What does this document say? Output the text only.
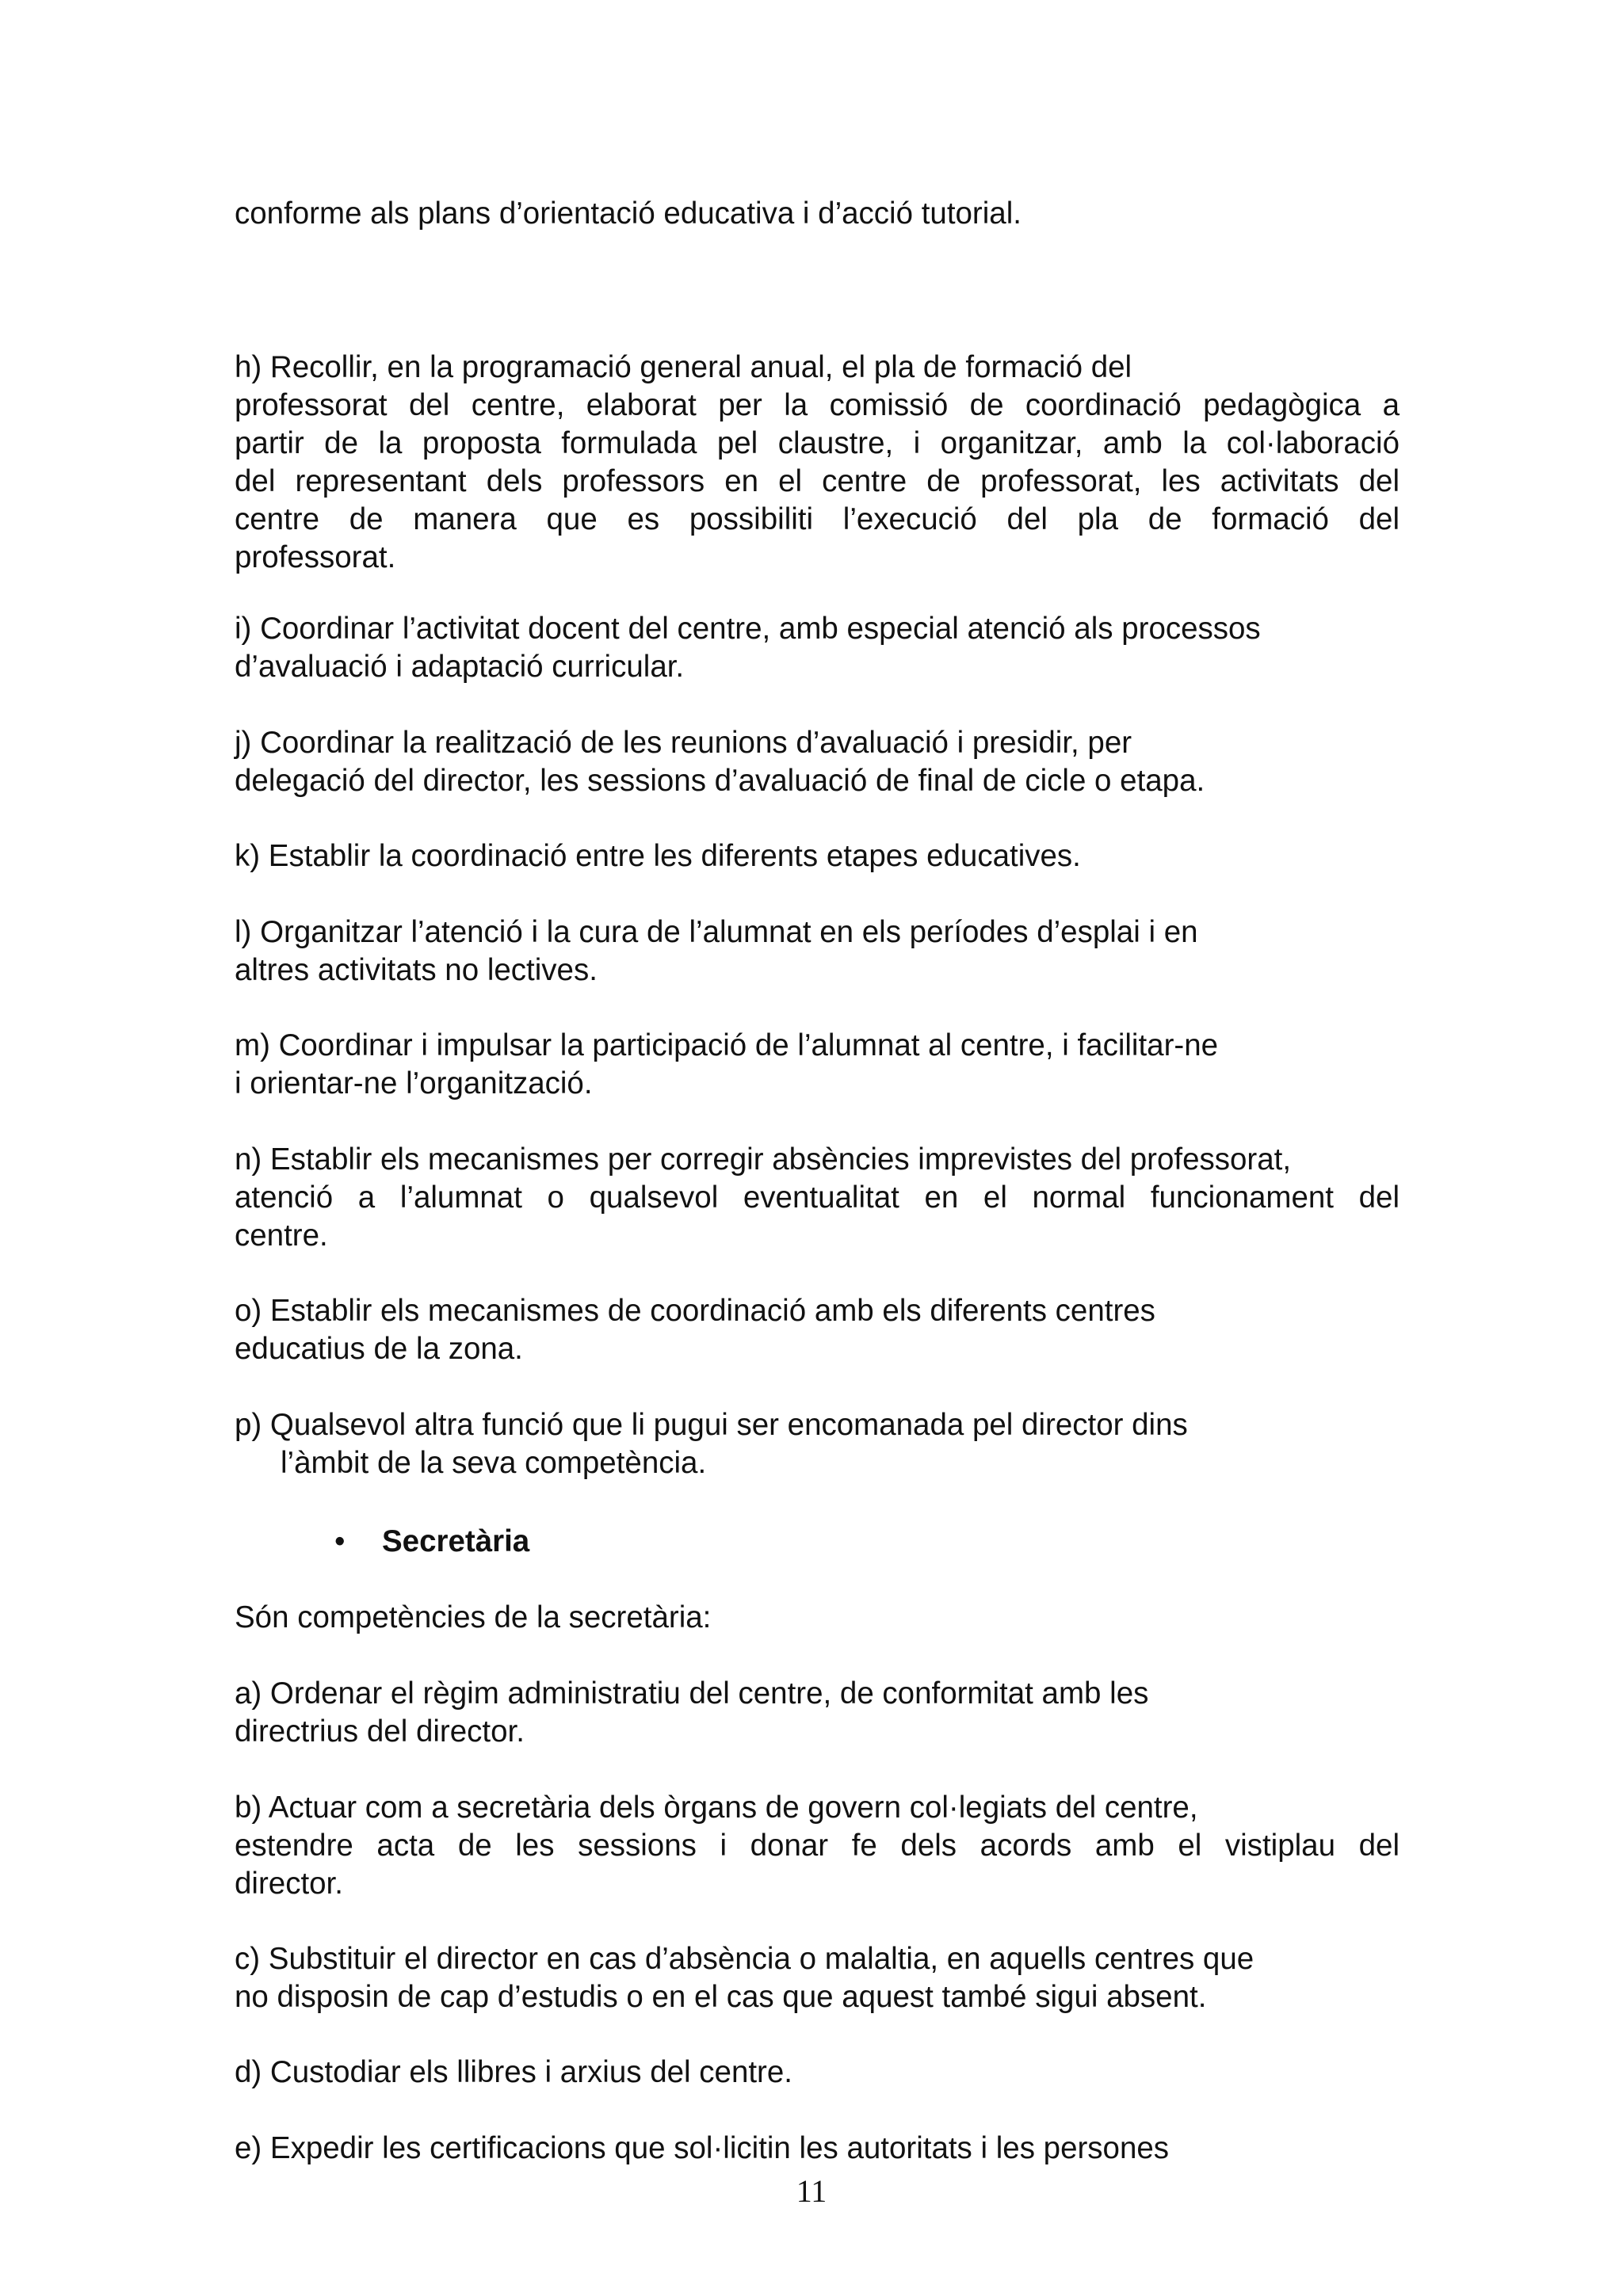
conforme als plans d’orientació educativa i d’acció tutorial.

h) Recollir, en la programació general anual, el pla de formació del
professorat del centre, elaborat per la comissió de coordinació pedagògica a
partir de la proposta formulada pel claustre, i organitzar, amb la col·laboració
del representant dels professors en el centre de professorat, les activitats del
centre de manera que es possibiliti l’execució del pla de formació del
professorat.

i) Coordinar l’activitat docent del centre, amb especial atenció als processos
d’avaluació i adaptació curricular.

j) Coordinar la realització de les reunions d’avaluació i presidir, per
delegació del director, les sessions d’avaluació de final de cicle o etapa.

k) Establir la coordinació entre les diferents etapes educatives.

l) Organitzar l’atenció i la cura de l’alumnat en els períodes d’esplai i en
altres activitats no lectives.

m) Coordinar i impulsar la participació de l’alumnat al centre, i facilitar-ne
i orientar-ne l’organització.

n) Establir els mecanismes per corregir absències imprevistes del professorat,
atenció a l’alumnat o qualsevol eventualitat en el normal funcionament del
centre.

o) Establir els mecanismes de coordinació amb els diferents centres
educatius de la zona.

p) Qualsevol altra funció que li pugui ser encomanada pel director dins
l’àmbit de la seva competència.

• Secretària

Són competències de la secretària:

a) Ordenar el règim administratiu del centre, de conformitat amb les
directrius del director.

b) Actuar com a secretària dels òrgans de govern col·legiats del centre,
estendre acta de les sessions i donar fe dels acords amb el vistiplau del
director.

c) Substituir el director en cas d’absència o malaltia, en aquells centres que
no disposin de cap d’estudis o en el cas que aquest també sigui absent.

d) Custodiar els llibres i arxius del centre.

e) Expedir les certificacions que sol·licitin les autoritats i les persones

11
